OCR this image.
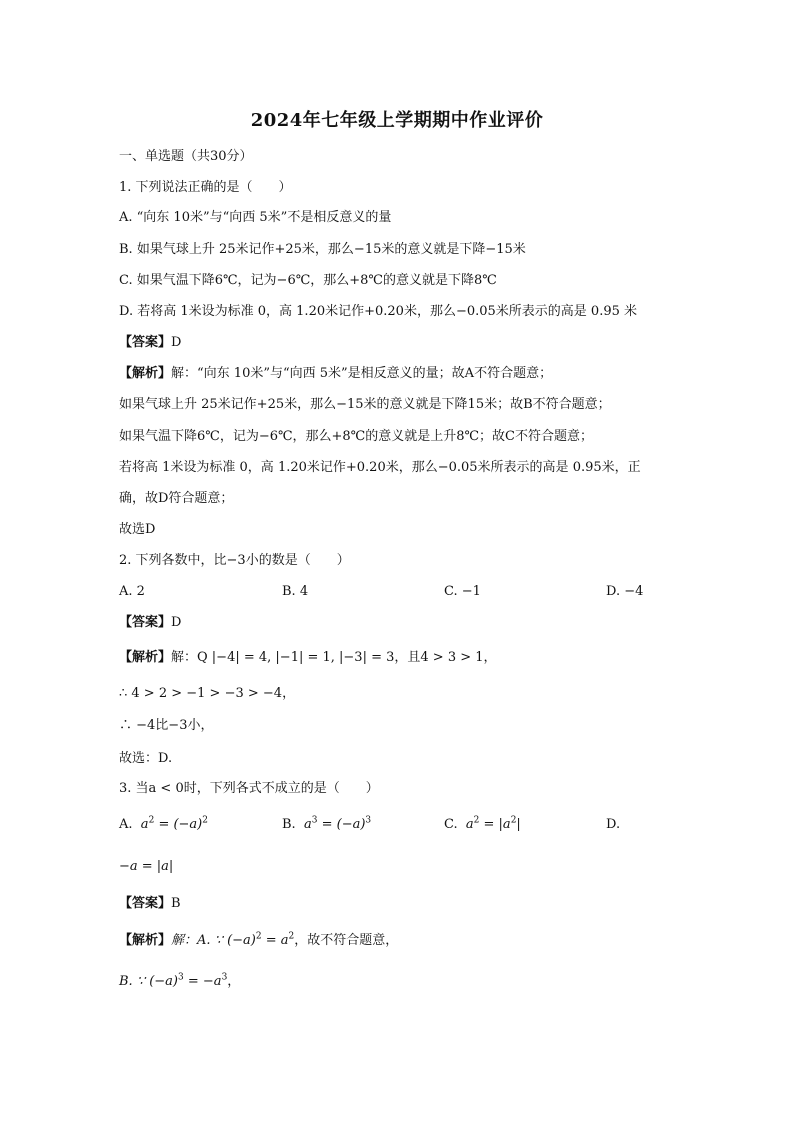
2024年七年级上学期期中作业评价
一、单选题（共30分）
1. 下列说法正确的是（　　）
A. “向东 10米”与“向西 5米”不是相反意义的量
B. 如果气球上升 25米记作+25米，那么−15米的意义就是下降−15米
C. 如果气温下降6℃，记为−6℃，那么+8℃的意义就是下降8℃
D. 若将高 1米设为标准 0，高 1.20米记作+0.20米，那么−0.05米所表示的高是 0.95 米
【答案】D
【解析】解：“向东 10米”与“向西 5米”是相反意义的量；故A不符合题意；
如果气球上升 25米记作+25米，那么−15米的意义就是下降15米；故B不符合题意；
如果气温下降6℃，记为−6℃，那么+8℃的意义就是上升8℃；故C不符合题意；
若将高 1米设为标准 0，高 1.20米记作+0.20米，那么−0.05米所表示的高是 0.95米，正
确，故D符合题意；
故选D
2. 下列各数中，比−3小的数是（　　）
A. 2	B. 4	C. −1	D. −4
【答案】D
【解析】解：Q |−4| = 4, |−1| = 1, |−3| = 3，且4 > 3 > 1，
∴ 4 > 2 > −1 > −3 > −4，
∴ −4比−3小，
故选：D.
3. 当a < 0时，下列各式不成立的是（　　）
A. $a^2 = (-a)^2$	B. $a^3 = (-a)^3$	C. $a^2 = |a^2|$	D.
−a = |a|
【答案】B
【解析】解：A. ∵ $(-a)^2 = a^2$，故不符合题意，
B. ∵ $(-a)^3 = -a^3$，
